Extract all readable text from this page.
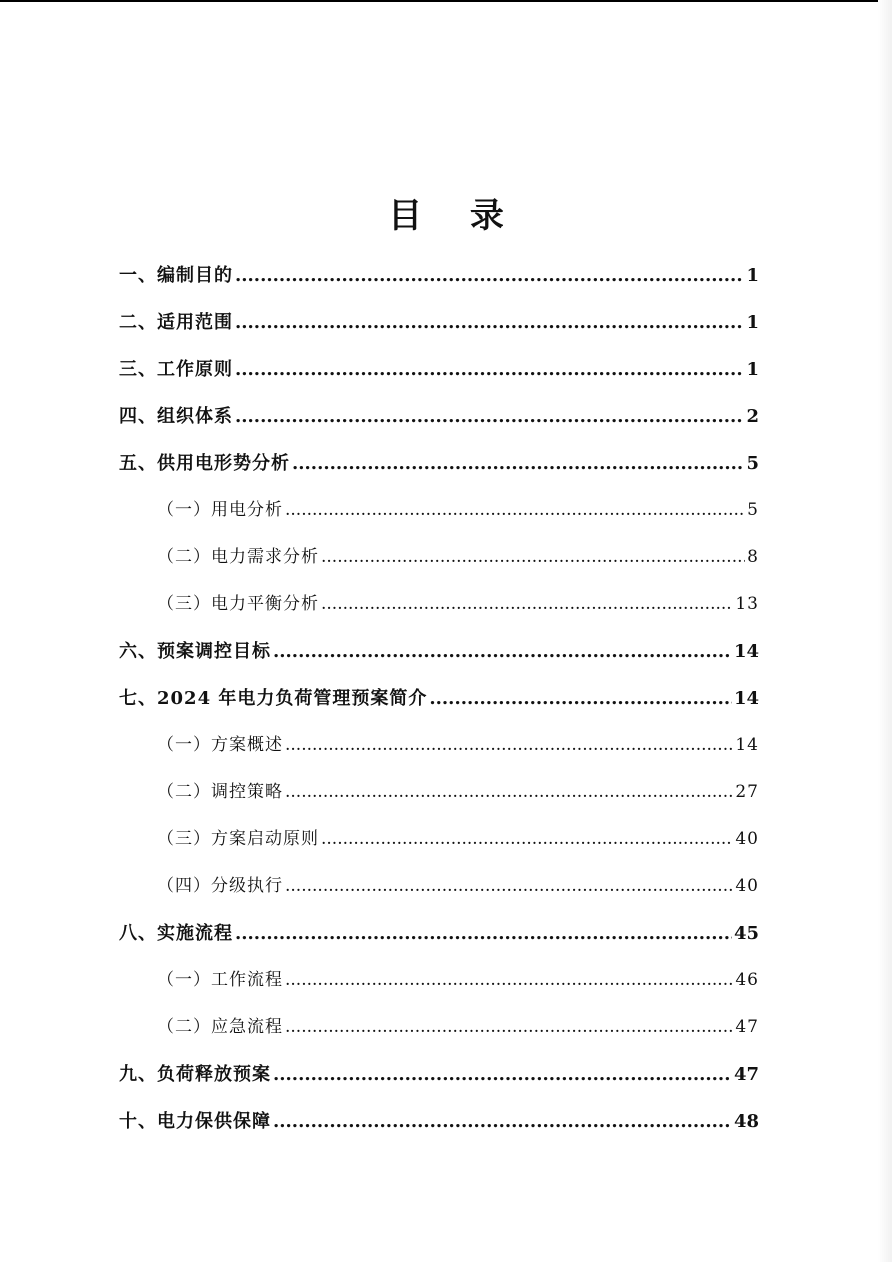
目 录
一、编制目的 .....	1
二、适用范围 .....	1
三、工作原则 .....	1
四、组织体系 .....	2
五、供用电形势分析 .....	5
（一）用电分析 .....	5
（二）电力需求分析 .....	8
（三）电力平衡分析 .....	13
六、预案调控目标 .....	14
七、2024 年电力负荷管理预案简介 .....	14
（一）方案概述 .....	14
（二）调控策略 .....	27
（三）方案启动原则 .....	40
（四）分级执行 .....	40
八、实施流程 .....	45
（一）工作流程 .....	46
（二）应急流程 .....	47
九、负荷释放预案 .....	47
十、电力保供保障 .....	48
